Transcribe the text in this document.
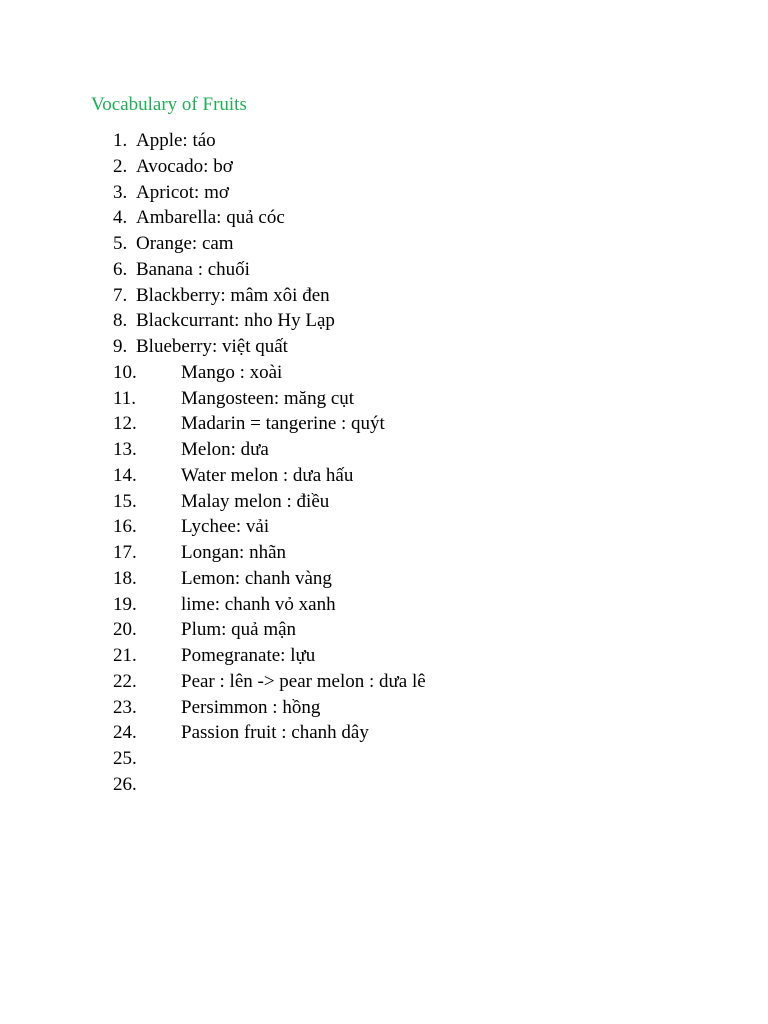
Vocabulary of Fruits
1. Apple: táo
2. Avocado: bơ
3. Apricot: mơ
4. Ambarella: quả cóc
5. Orange: cam
6. Banana : chuối
7. Blackberry: mâm xôi đen
8. Blackcurrant: nho Hy Lạp
9. Blueberry: việt quất
10. Mango : xoài
11. Mangosteen: măng cụt
12. Madarin = tangerine : quýt
13. Melon: dưa
14. Water melon : dưa hấu
15. Malay melon : điều
16. Lychee: vải
17. Longan: nhãn
18. Lemon: chanh vàng
19. lime: chanh vỏ xanh
20. Plum: quả mận
21. Pomegranate: lựu
22. Pear : lên -> pear melon : dưa lê
23. Persimmon : hồng
24. Passion fruit : chanh dây
25.
26.
